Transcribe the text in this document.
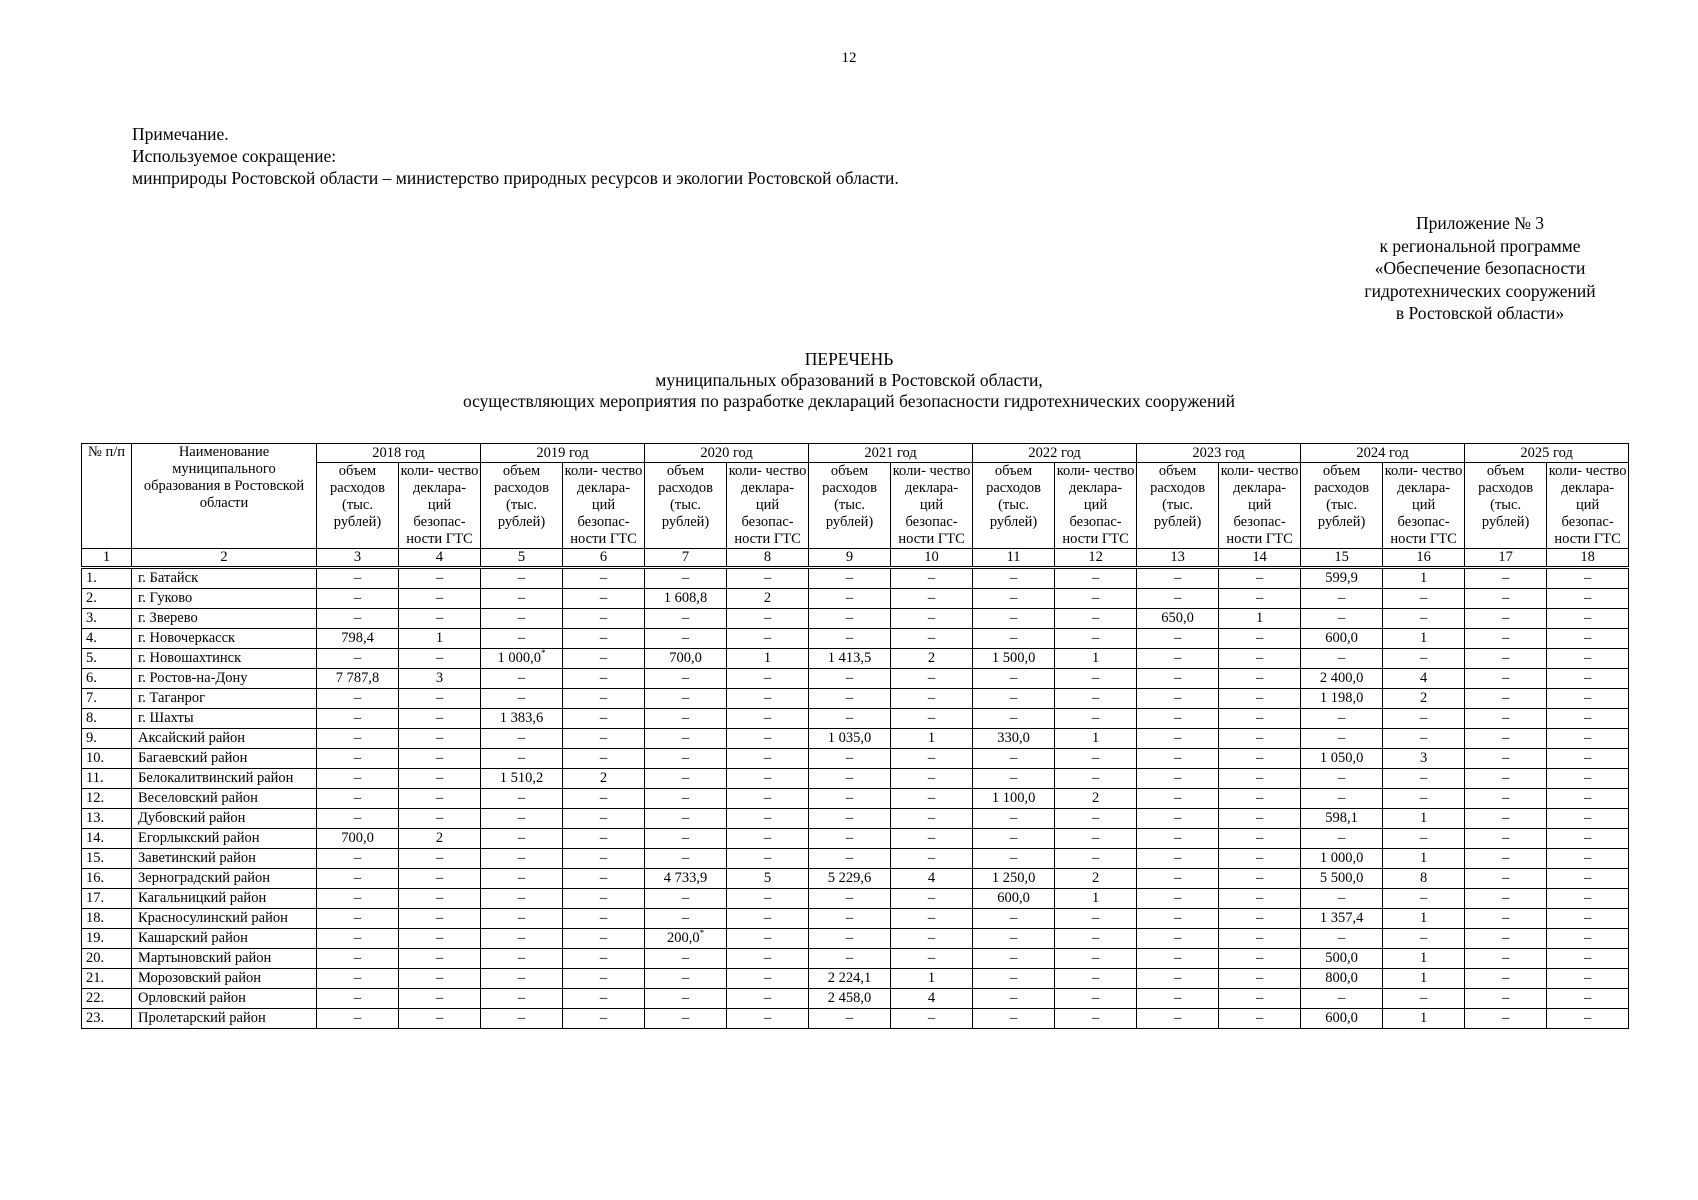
12
Примечание.
Используемое сокращение:
минприроды Ростовской области – министерство природных ресурсов и экологии Ростовской области.
Приложение № 3
к региональной программе
«Обеспечение безопасности
гидротехнических сооружений
в Ростовской области»
ПЕРЕЧЕНЬ
муниципальных образований в Ростовской области,
осуществляющих мероприятия по разработке деклараций безопасности гидротехнических сооружений
№ п/п	Наименование муниципального образования в Ростовской области	2018 год		2019 год		2020 год		2021 год		2022 год		2023 год		2024 год		2025 год	
		объем расходов (тыс. рублей)	коли- чество деклара- ций безопас- ности ГТС	объем расходов (тыс. рублей)	коли- чество деклара- ций безопас- ности ГТС	объем расходов (тыс. рублей)	коли- чество деклара- ций безопас- ности ГТС	объем расходов (тыс. рублей)	коли- чество деклара- ций безопас- ности ГТС	объем расходов (тыс. рублей)	коли- чество деклара- ций безопас- ности ГТС	объем расходов (тыс. рублей)	коли- чество деклара- ций безопас- ности ГТС	объем расходов (тыс. рублей)	коли- чество деклара- ций безопас- ности ГТС	объем расходов (тыс. рублей)	коли- чество деклара- ций безопас- ности ГТС
1	2	3	4	5	6	7	8	9	10	11	12	13	14	15	16	17	18
1.	г. Батайск	–	–	–	–	–	–	–	–	–	–	–	–	599,9	1	–	–
2.	г. Гуково	–	–	–	–	1 608,8	2	–	–	–	–	–	–	–	–	–	–
3.	г. Зверево	–	–	–	–	–	–	–	–	–	–	650,0	1	–	–	–	–
4.	г. Новочеркасск	798,4	1	–	–	–	–	–	–	–	–	–	–	600,0	1	–	–
5.	г. Новошахтинск	–	–	1 000,0*	–	700,0	1	1 413,5	2	1 500,0	1	–	–	–	–	–	–
6.	г. Ростов-на-Дону	7 787,8	3	–	–	–	–	–	–	–	–	–	–	2 400,0	4	–	–
7.	г. Таганрог	–	–	–	–	–	–	–	–	–	–	–	–	1 198,0	2	–	–
8.	г. Шахты	–	–	1 383,6	–	–	–	–	–	–	–	–	–	–	–	–	–
9.	Аксайский район	–	–	–	–	–	–	1 035,0	1	330,0	1	–	–	–	–	–	–
10.	Багаевский район	–	–	–	–	–	–	–	–	–	–	–	–	1 050,0	3	–	–
11.	Белокалитвинский район	–	–	1 510,2	2	–	–	–	–	–	–	–	–	–	–	–	–
12.	Веселовский район	–	–	–	–	–	–	–	–	1 100,0	2	–	–	–	–	–	–
13.	Дубовский район	–	–	–	–	–	–	–	–	–	–	–	–	598,1	1	–	–
14.	Егорлыкский район	700,0	2	–	–	–	–	–	–	–	–	–	–	–	–	–	–
15.	Заветинский район	–	–	–	–	–	–	–	–	–	–	–	–	1 000,0	1	–	–
16.	Зерноградский район	–	–	–	–	4 733,9	5	5 229,6	4	1 250,0	2	–	–	5 500,0	8	–	–
17.	Кагальницкий район	–	–	–	–	–	–	–	–	600,0	1	–	–	–	–	–	–
18.	Красносулинский район	–	–	–	–	–	–	–	–	–	–	–	–	1 357,4	1	–	–
19.	Кашарский район	–	–	–	–	200,0*	–	–	–	–	–	–	–	–	–	–	–
20.	Мартыновский район	–	–	–	–	–	–	–	–	–	–	–	–	500,0	1	–	–
21.	Морозовский район	–	–	–	–	–	–	2 224,1	1	–	–	–	–	800,0	1	–	–
22.	Орловский район	–	–	–	–	–	–	2 458,0	4	–	–	–	–	–	–	–	–
23.	Пролетарский район	–	–	–	–	–	–	–	–	–	–	–	–	600,0	1	–	–
